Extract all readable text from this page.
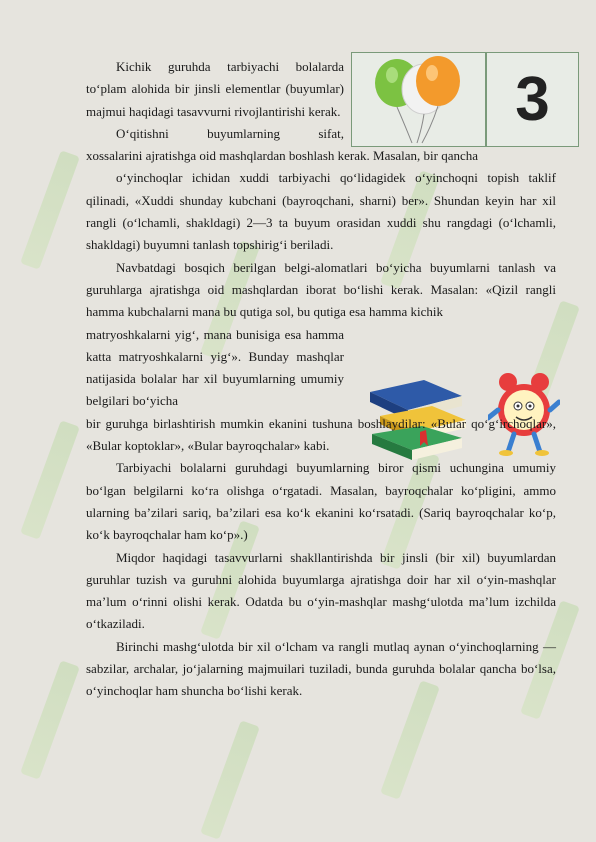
3

Kichik guruhda tarbiyachi bolalarda to‘plam alohida bir jinsli elementlar (buyumlar) majmui haqidagi tasavvurni rivojlantirishi kerak.

O‘qitishni buyumlarning sifat,

xossalarini ajratishga oid mashqlardan boshlash kerak. Masalan, bir qancha

o‘yinchoqlar ichidan xuddi tarbiyachi qo‘lidagidek o‘yinchoqni topish taklif qilinadi, «Xuddi shunday kubchani (bayroqchani, sharni) ber». Shundan keyin har xil rangli (o‘lchamli, shakldagi) 2—3 ta buyum orasidan xuddi shu rangdagi (o‘lchamli, shakldagi) buyumni tanlash topshirig‘i beriladi.

Navbatdagi bosqich berilgan belgi-alomatlari bo‘yicha buyumlarni tanlash va guruhlarga ajratishga oid mashqlardan iborat bo‘lishi kerak. Masalan: «Qizil rangli hamma kubchalarni mana bu qutiga sol, bu qutiga esa hamma kichik

matryoshkalarni yig‘, mana bunisiga esa hamma katta matryoshkalarni yig‘». Bunday mashqlar natijasida bolalar har xil buyumlarning umumiy belgilari bo‘yicha

bir guruhga birlashtirish mumkin ekanini tushuna boshlaydilar: «Bular qo‘g‘irchoqlar», «Bular koptoklar», «Bular bayroqchalar» kabi.

Tarbiyachi bolalarni guruhdagi buyumlarning biror qismi uchungina umumiy bo‘lgan belgilarni ko‘ra olishga o‘rgatadi. Masalan, bayroqchalar ko‘pligini, ammo ularning ba’zilari sariq, ba’zilari esa ko‘k ekanini ko‘rsatadi. (Sariq bayroqchalar ko‘p, ko‘k bayroqchalar ham ko‘p».)

Miqdor haqidagi tasavvurlarni shakllantirishda bir jinsli (bir xil) buyumlardan guruhlar tuzish va guruhni alohida buyumlarga ajratishga doir har xil o‘yin-mashqlar ma’lum o‘rinni olishi kerak. Odatda bu o‘yin-mashqlar mashg‘ulotda ma’lum izchilda o‘tkaziladi.

Birinchi mashg‘ulotda bir xil o‘lcham va rangli mutlaq aynan o‘yinchoqlarning — sabzilar, archalar, jo‘jalarning majmuilari tuziladi, bunda guruhda bolalar qancha bo‘lsa, o‘yinchoqlar ham shuncha bo‘lishi kerak.
